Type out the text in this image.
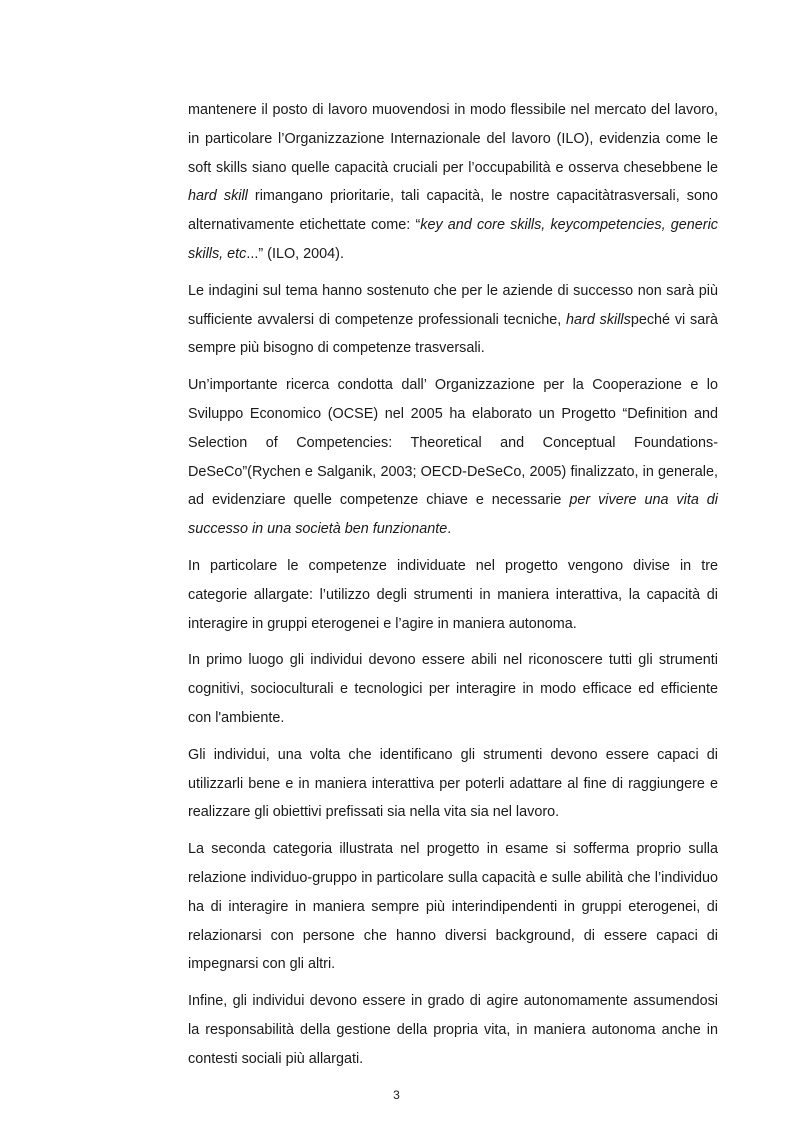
mantenere il posto di lavoro muovendosi in modo flessibile nel mercato del lavoro, in particolare l’Organizzazione Internazionale del lavoro (ILO), evidenzia come le soft skills siano quelle capacità cruciali per l’occupabilità e osserva chesebbene le hard skill rimangano prioritarie, tali capacità, le nostre capacitàtrasversali, sono alternativamente etichettate come: “key and core skills, keycompetencies, generic skills, etc...” (ILO, 2004).

Le indagini sul tema hanno sostenuto che per le aziende di successo non sarà più sufficiente avvalersi di competenze professionali tecniche, hard skillspeché vi sarà sempre più bisogno di competenze trasversali.

Un’importante ricerca condotta dall’ Organizzazione per la Cooperazione e lo Sviluppo Economico (OCSE) nel 2005 ha elaborato un Progetto “Definition and Selection of Competencies: Theoretical and Conceptual Foundations-DeSeCo”(Rychen e Salganik, 2003; OECD-DeSeCo, 2005) finalizzato, in generale, ad evidenziare quelle competenze chiave e necessarie per vivere una vita di successo in una società ben funzionante.

In particolare le competenze individuate nel progetto vengono divise in tre categorie allargate: l’utilizzo degli strumenti in maniera interattiva, la capacità di interagire in gruppi eterogenei e l’agire in maniera autonoma.

In primo luogo gli individui devono essere abili nel riconoscere tutti gli strumenti cognitivi, socioculturali e tecnologici per interagire in modo efficace ed efficiente con l'ambiente.

Gli individui, una volta che identificano gli strumenti devono essere capaci di utilizzarli bene e in maniera interattiva per poterli adattare al fine di raggiungere e realizzare gli obiettivi prefissati sia nella vita sia nel lavoro.

La seconda categoria illustrata nel progetto in esame si sofferma proprio sulla relazione individuo-gruppo in particolare sulla capacità e sulle abilità che l’individuo ha di interagire in maniera sempre più interindipendenti in gruppi eterogenei, di relazionarsi con persone che hanno diversi background, di essere capaci di impegnarsi con gli altri.

Infine, gli individui devono essere in grado di agire autonomamente assumendosi la responsabilità della gestione della propria vita, in maniera autonoma anche in contesti sociali più allargati.

3
